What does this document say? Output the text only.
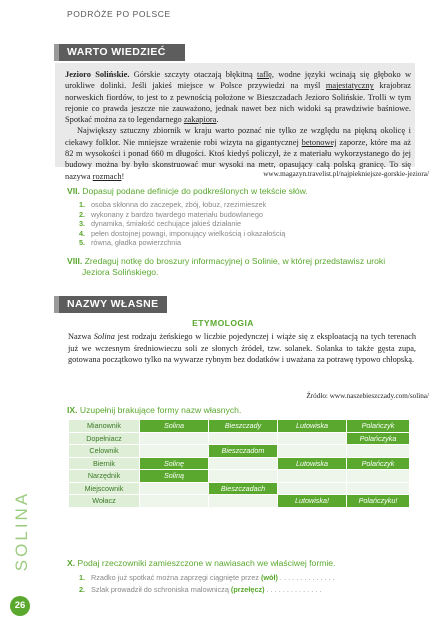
PODRÓŻE PO POLSCE
WARTO WIEDZIEĆ

Jezioro Solińskie. Górskie szczyty otaczają błękitną taflę, wodne języki wcinają się głęboko w urokliwe dolinki. Jeśli jakieś miejsce w Polsce przywiedzi na myśl majestatyczny krajobraz norweskich fiordów, to jest to z pewnością położone w Bieszczadach Jezioro Solińskie. Trolli w tym rejonie co prawda jeszcze nie zauważono, jednak nawet bez nich widoki są prawdziwie baśniowe. Spotkać można za to legendarnego zakapiora.

Największy sztuczny zbiornik w kraju warto poznać nie tylko ze względu na piękną okolicę i ciekawy folklor. Nie mniejsze wrażenie robi wizyta na gigantycznej betonowej zaporze, które ma aż 82 m wysokości i ponad 660 m długości. Ktoś kiedyś policzył, że z materiału wykorzystanego do jej budowy można by było skonstruować mur wysoki na metr, opasujący całą polską granicę. To się nazywa rozmach!	www.magazyn.travelist.pl/najpiekniejsze-gorskie-jeziora/
VII. Dopasuj podane definicje do podkreślonych w tekście słów.
1. osoba skłonna do zaczepek, zbój, łobuz, rzezimieszek
2. wykonany z bardzo twardego materiału budowlanego
3. dynamika, śmiałość cechujące jakieś działanie
4. pełen dostojnej powagi, imponujący wielkością i okazałością
5. równa, gładka powierzchnia
VIII. Zredaguj notkę do broszury informacyjnej o Solinie, w której przedstawisz uroki
Jeziora Solińskiego.
NAZWY WŁASNE
ETYMOLOGIA

Nazwa Solina jest rodzaju żeńskiego w liczbie pojedynczej i wiąże się z eksploatacją na tych terenach już we wczesnym średniowieczu soli ze słonych źródeł, tzw. solanek. Solanka to także gęsta zupa, gotowana początkowo tylko na wywarze rybnym bez dodatków i uważana za potrawę typowo chłopską.

Źródło: www.naszebieszczady.com/solina/
IX. Uzupełnij brakujące formy nazw własnych.
Mianownik	Solina	Bieszczady	Lutowiska	Polańczyk
Dopełniacz				Polańczyka
Celownik		Bieszczadom		
Biernik	Solinę		Lutowiska	Polańczyk
Narzędnik	Soliną			
Miejscownik		Bieszczadach		
Wołacz			Lutowiska!	Polańczyku!
X. Podaj rzeczowniki zamieszczone w nawiasach we właściwej formie.
1. Rzadko już spotkać można zaprzęgi ciągnięte przez (wół) . . . . . . . . . . . . . .
2. Szlak prowadził do schroniska malowniczą (przełęcz) . . . . . . . . . . . . . .
SOLINA
26
